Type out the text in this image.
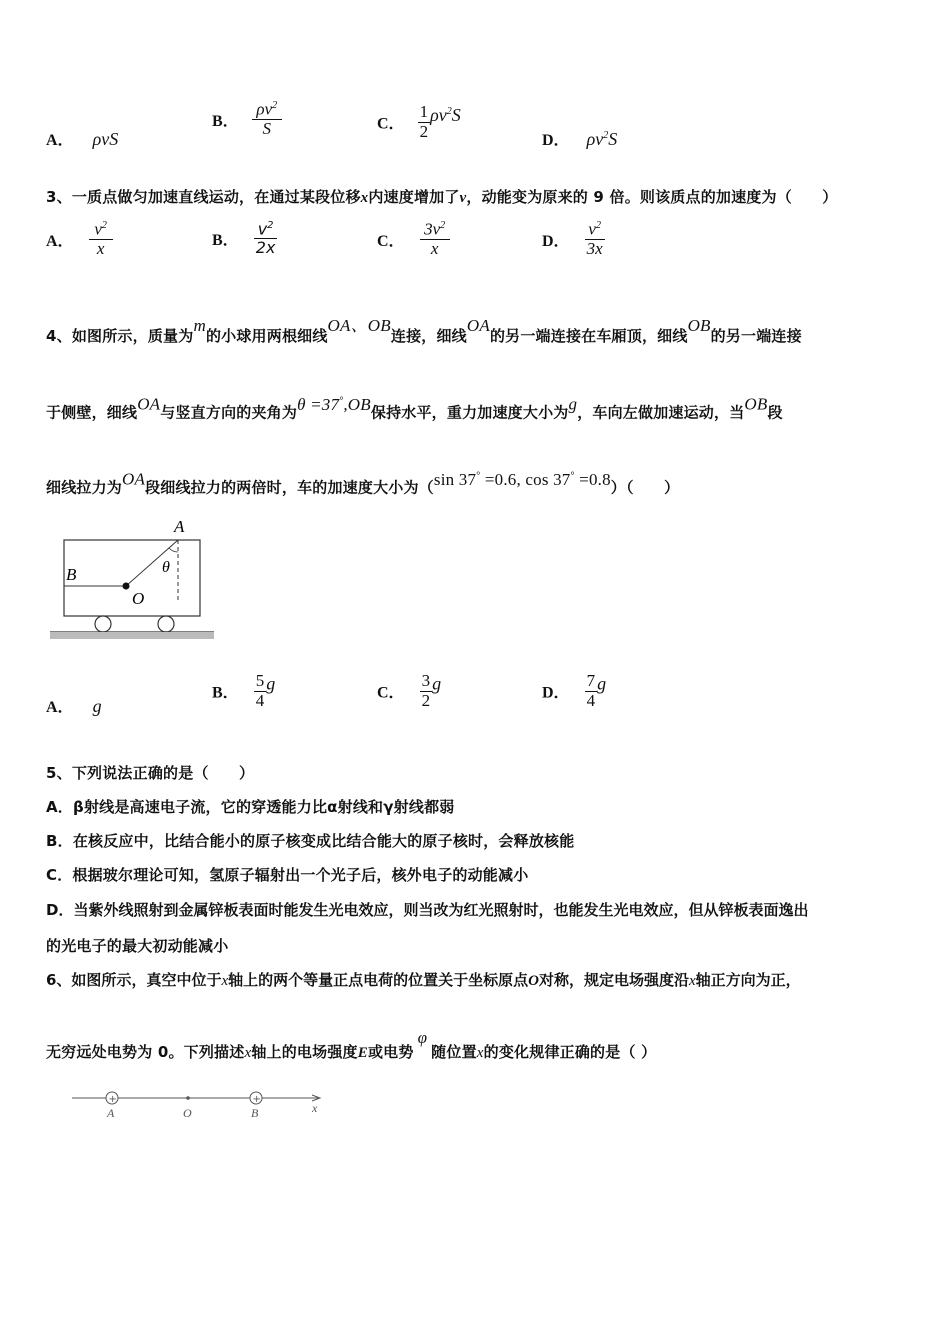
A． ρvS
B． $\frac{\rho v^2}{S}$	C． $\frac{1}{2} \rho v^2S$
D． $\rho v^2S$
3、一质点做匀加速直线运动，在通过某段位移x内速度增加了v，动能变为原来的 9 倍。则该质点的加速度为（　　）
A． $\frac{v^2}{x}$	B． $\frac{v^2}{2x}$	C． $\frac{3v^2}{x}$	D． $\frac{v^2}{3x}$
4、如图所示，质量为m的小球用两根细线OA、OB连接，细线OA的另一端连接在车厢顶，细线OB的另一端连接
于侧壁，细线OA与竖直方向的夹角为θ =37°,OB保持水平，重力加速度大小为g，车向左做加速运动，当OB段
细线拉力为OA段细线拉力的两倍时，车的加速度大小为（sin 37° =0.6, cos 37° =0.8）（　　）
A
B
O
θ
A． g
B． $\frac{5}{4}$ g	C． $\frac{3}{2}$ g	D． $\frac{7}{4}$ g
5、下列说法正确的是（　　）
A．β射线是高速电子流，它的穿透能力比α射线和γ射线都弱
B．在核反应中，比结合能小的原子核变成比结合能大的原子核时，会释放核能
C．根据玻尔理论可知，氢原子辐射出一个光子后，核外电子的动能减小
D．当紫外线照射到金属锌板表面时能发生光电效应，则当改为红光照射时，也能发生光电效应，但从锌板表面逸出
的光电子的最大初动能减小
6、如图所示，真空中位于x轴上的两个等量正点电荷的位置关于坐标原点O对称，规定电场强度沿x轴正方向为正，
无穷远处电势为 0。下列描述x轴上的电场强度E或电势φ随位置x的变化规律正确的是（ ）
+	+
A	O	B	x
